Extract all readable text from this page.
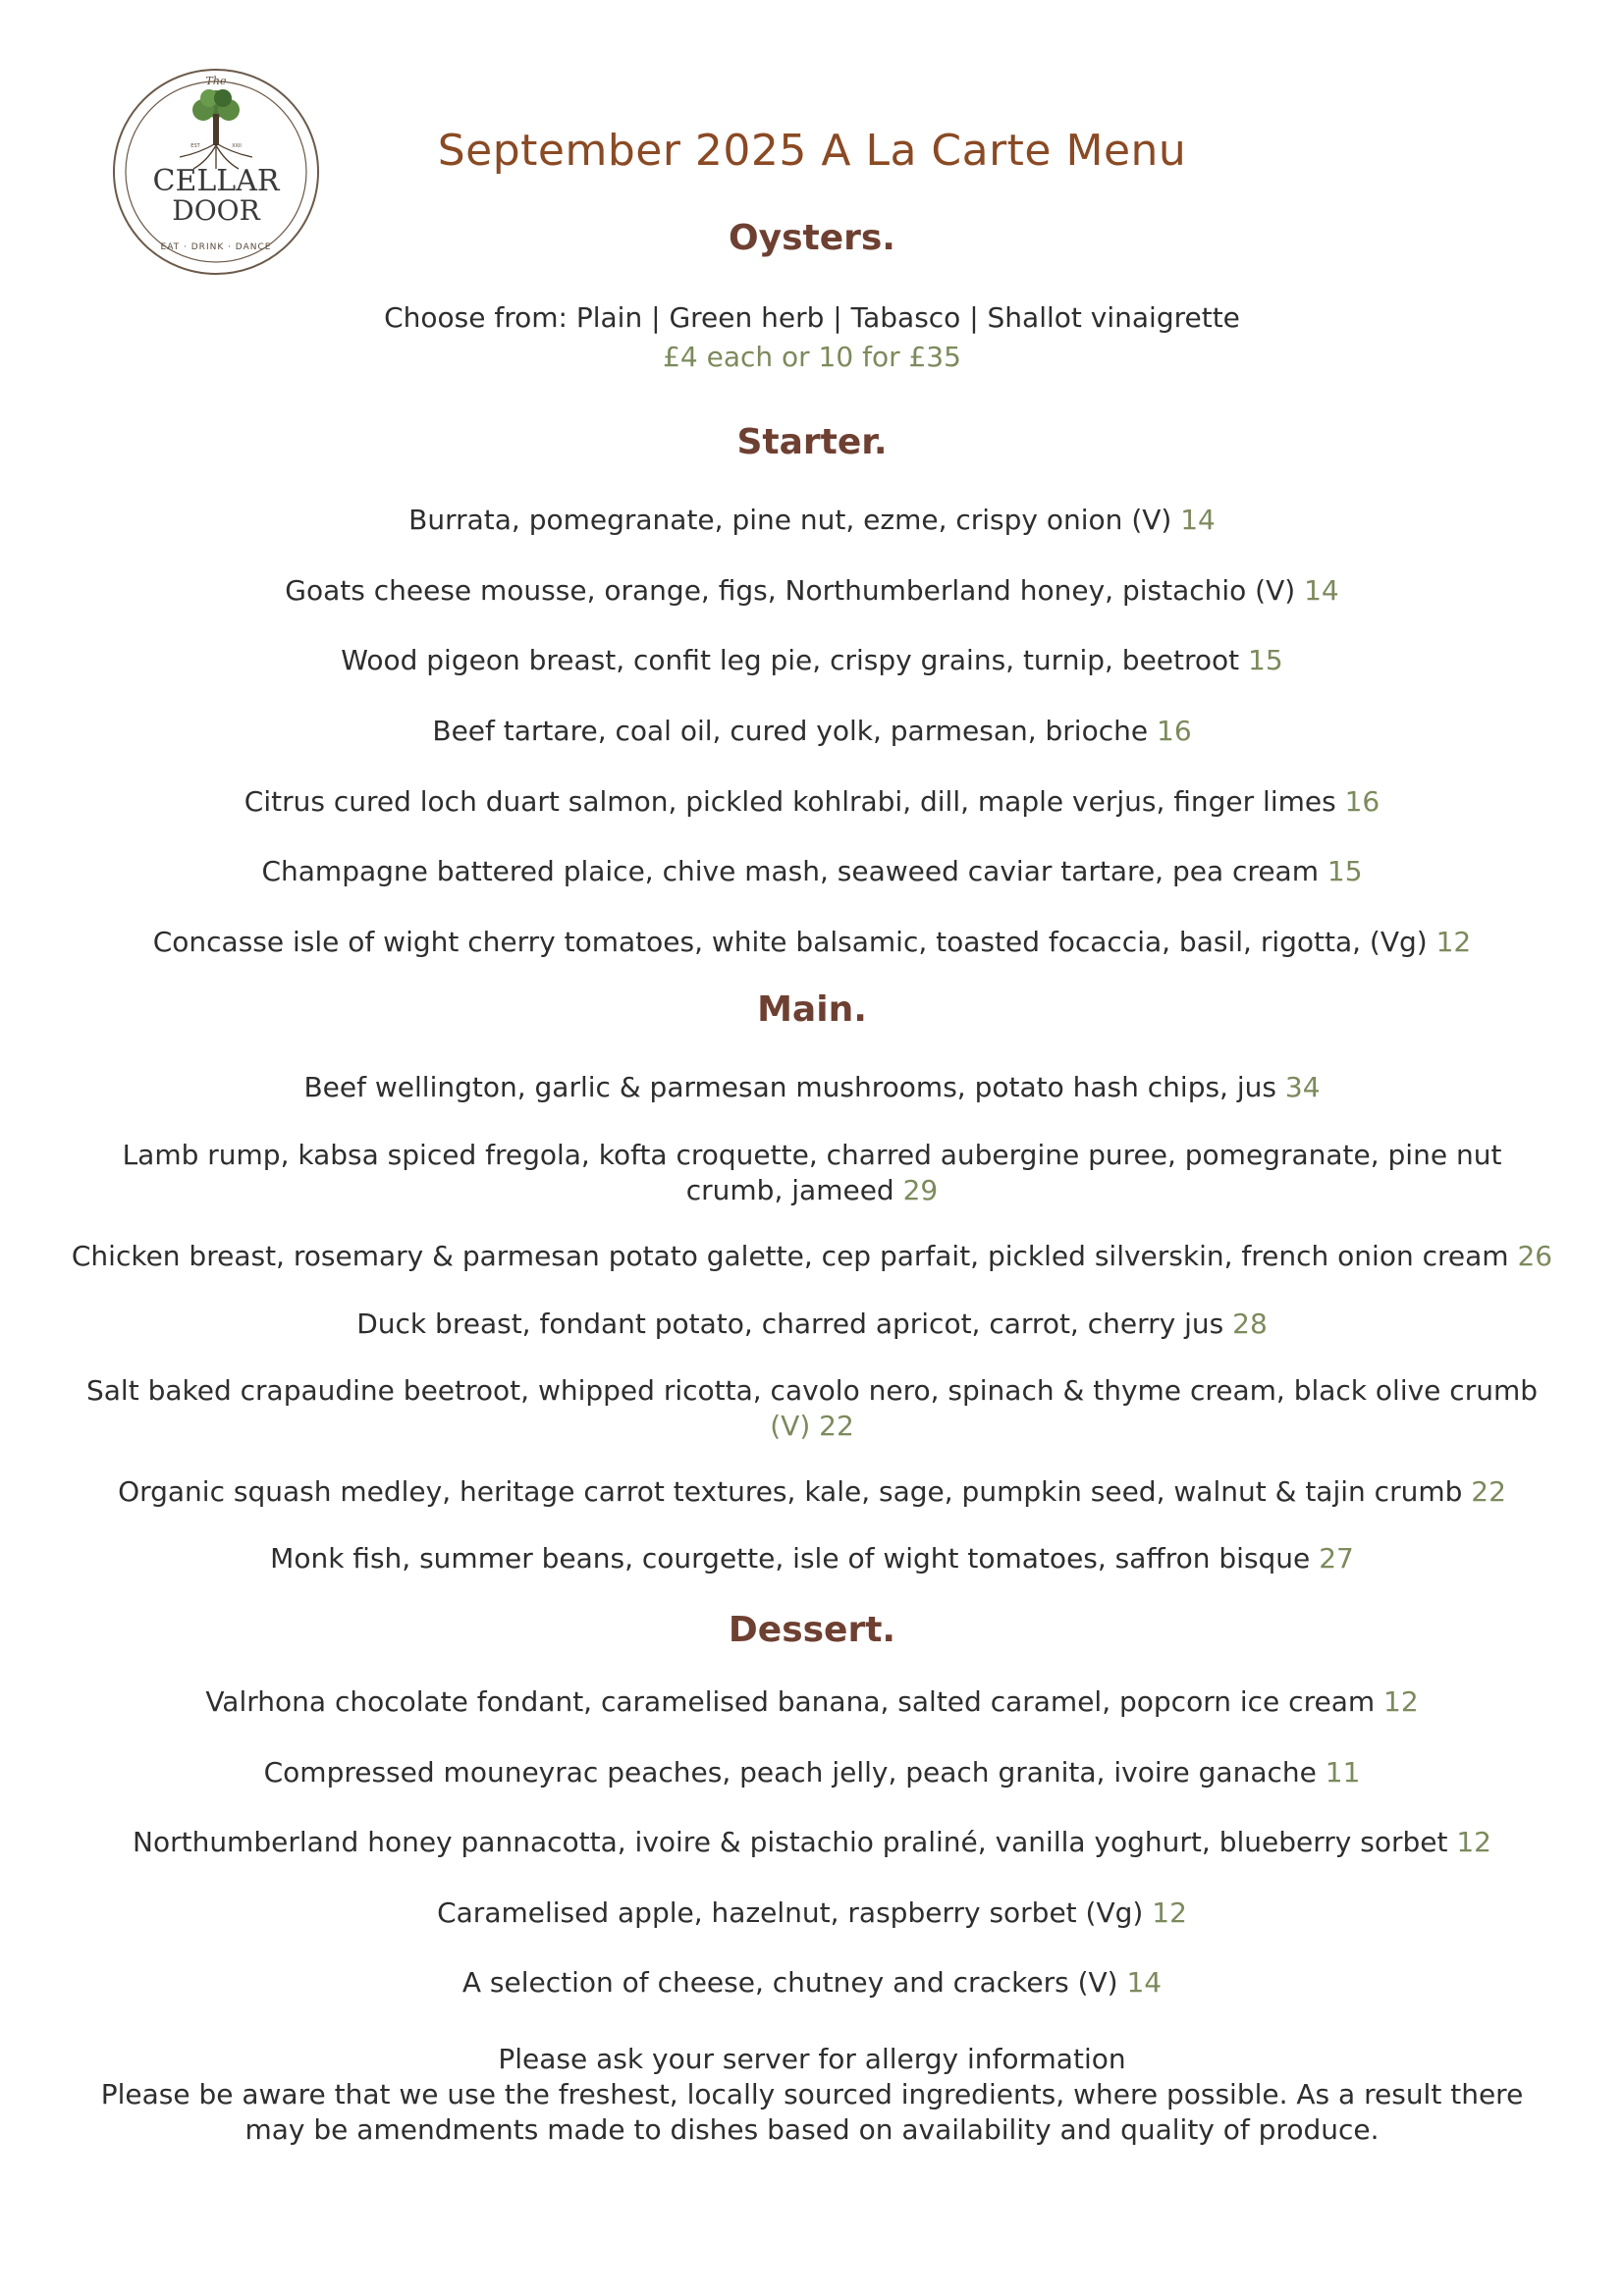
The
EST	XXII
CELLAR
DOOR
EAT · DRINK · DANCE
September 2025 A La Carte Menu
Oysters.
Choose from: Plain | Green herb | Tabasco | Shallot vinaigrette
£4 each or 10 for £35
Starter.
Burrata, pomegranate, pine nut, ezme, crispy onion (V) 14
Goats cheese mousse, orange, figs, Northumberland honey, pistachio (V) 14
Wood pigeon breast, confit leg pie, crispy grains, turnip, beetroot 15
Beef tartare, coal oil, cured yolk, parmesan, brioche 16
Citrus cured loch duart salmon, pickled kohlrabi, dill, maple verjus, finger limes 16
Champagne battered plaice, chive mash, seaweed caviar tartare, pea cream 15
Concasse isle of wight cherry tomatoes, white balsamic, toasted focaccia, basil, rigotta, (Vg) 12
Main.
Beef wellington, garlic & parmesan mushrooms, potato hash chips, jus 34
Lamb rump, kabsa spiced fregola, kofta croquette, charred aubergine puree, pomegranate, pine nut crumb, jameed 29
Chicken breast, rosemary & parmesan potato galette, cep parfait, pickled silverskin, french onion cream 26
Duck breast, fondant potato, charred apricot, carrot, cherry jus 28
Salt baked crapaudine beetroot, whipped ricotta, cavolo nero, spinach & thyme cream, black olive crumb (V) 22
Organic squash medley, heritage carrot textures, kale, sage, pumpkin seed, walnut & tajin crumb 22
Monk fish, summer beans, courgette, isle of wight tomatoes, saffron bisque 27
Dessert.
Valrhona chocolate fondant, caramelised banana, salted caramel, popcorn ice cream 12
Compressed mouneyrac peaches, peach jelly, peach granita, ivoire ganache 11
Northumberland honey pannacotta, ivoire & pistachio praliné, vanilla yoghurt, blueberry sorbet 12
Caramelised apple, hazelnut, raspberry sorbet (Vg) 12
A selection of cheese, chutney and crackers (V) 14
Please ask your server for allergy information
Please be aware that we use the freshest, locally sourced ingredients, where possible. As a result there may be amendments made to dishes based on availability and quality of produce.
